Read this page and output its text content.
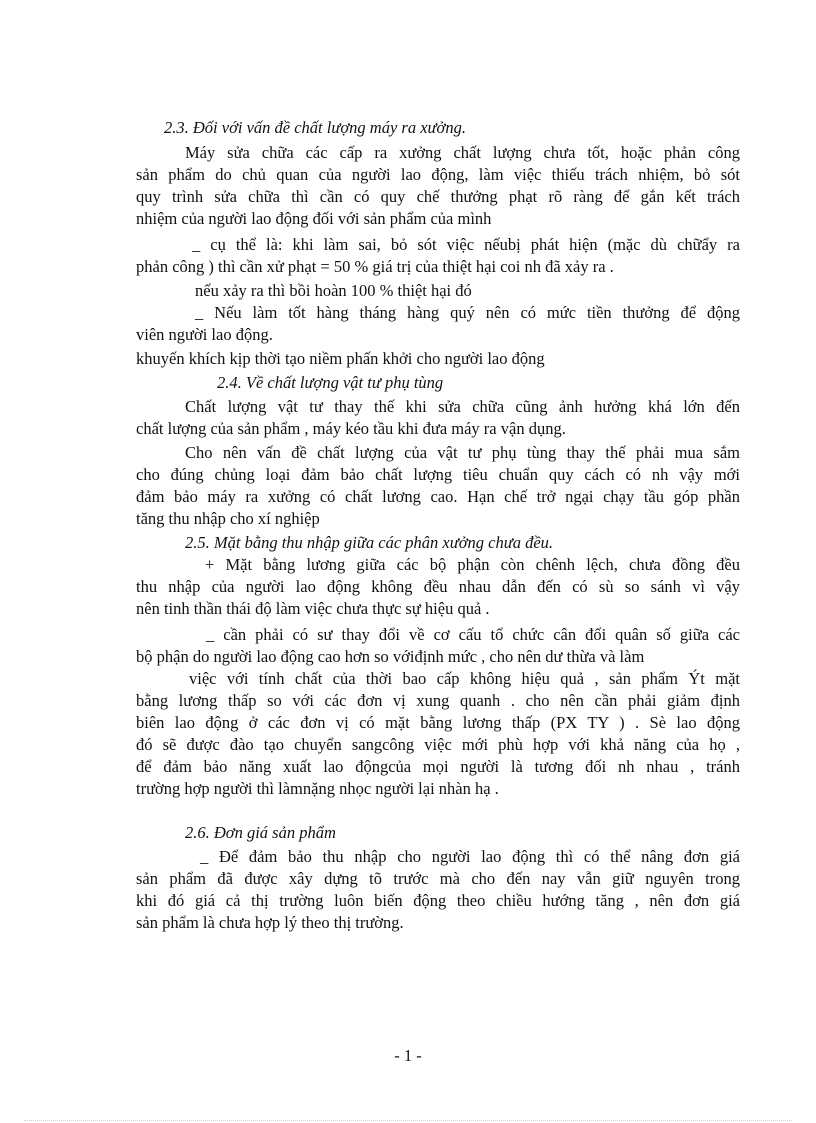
2.3. Đối với vấn đề chất lượng máy ra xưởng.
Máy sửa chữa các cấp ra xưởng chất lượng chưa tốt, hoặc phản công
sản phẩm do chủ quan của người lao động, làm việc thiếu trách nhiệm, bỏ sót
quy trình sửa chữa thì cần có quy chế thưởng phạt rõ ràng để gắn kết trách
nhiệm của người lao động đối với sản phẩm của mình
_ cụ thể là: khi làm sai, bỏ sót việc nếubị phát hiện (mặc dù chữẩy ra
phản công ) thì cần xử phạt = 50 % giá trị của thiệt hại coi nh đã xảy ra .
nếu xảy ra thì bồi hoàn 100 % thiệt hại đó
_ Nếu làm tốt hàng tháng hàng quý nên có mức tiền thưởng để động
viên người lao động.
khuyến khích kịp thời tạo niềm phấn khởi cho người lao động
2.4. Về chất lượng vật tư phụ tùng
Chất lượng vật tư thay thế khi sửa chữa cũng ảnh hưởng khá lớn đến
chất lượng của sản phẩm , máy kéo tầu khi đưa máy ra vận dụng.
Cho nên vấn đề chất lượng của vật tư phụ tùng thay thế phải mua sắm
cho đúng chủng loại đảm bảo chất lượng tiêu chuẩn quy cách có nh vậy mới
đảm bảo máy ra xưởng có chất lương cao. Hạn chế trở ngại chạy tầu góp phần
tăng thu nhập cho xí nghiệp
2.5. Mặt bằng thu nhập giữa các phân xưởng chưa đều.
+ Mặt bằng lương giữa các bộ phận còn chênh lệch, chưa đồng đều
thu nhập của người lao động không đều nhau dẫn đến có sù so sánh vì vậy
nên tinh thần thái độ làm việc chưa thực sự hiệu quả .
_ cần phải có sư thay đổi về cơ cấu tổ chức cân đối quân số giữa các
bộ phận do người lao động cao hơn so vớiđịnh mức , cho nên dư thừa và làm
việc với tính chất của thời bao cấp không hiệu quả , sản phẩm Ýt mặt
bằng lương thấp so với các đơn vị xung quanh . cho nên cần phải giảm định
biên lao động ở các đơn vị có mặt bằng lương thấp (PX TY ) . Sè lao động
đó sẽ được đào tạo chuyển sangcông việc mới phù hợp với khả năng của họ ,
để đảm bảo năng xuất lao độngcủa mọi người là tương đối nh nhau , tránh
trường hợp người thì làmnặng nhọc người lại nhàn hạ .
2.6. Đơn giá sản phẩm
_ Để đảm bảo thu nhập cho người lao động thì có thể nâng đơn giá
sản phẩm đã được xây dựng tõ trước mà cho đến nay vẫn giữ nguyên trong
khi đó giá cả thị trường luôn biến động theo chiều hướng tăng , nên đơn giá
sản phẩm là chưa hợp lý theo thị trường.
- 1 -
